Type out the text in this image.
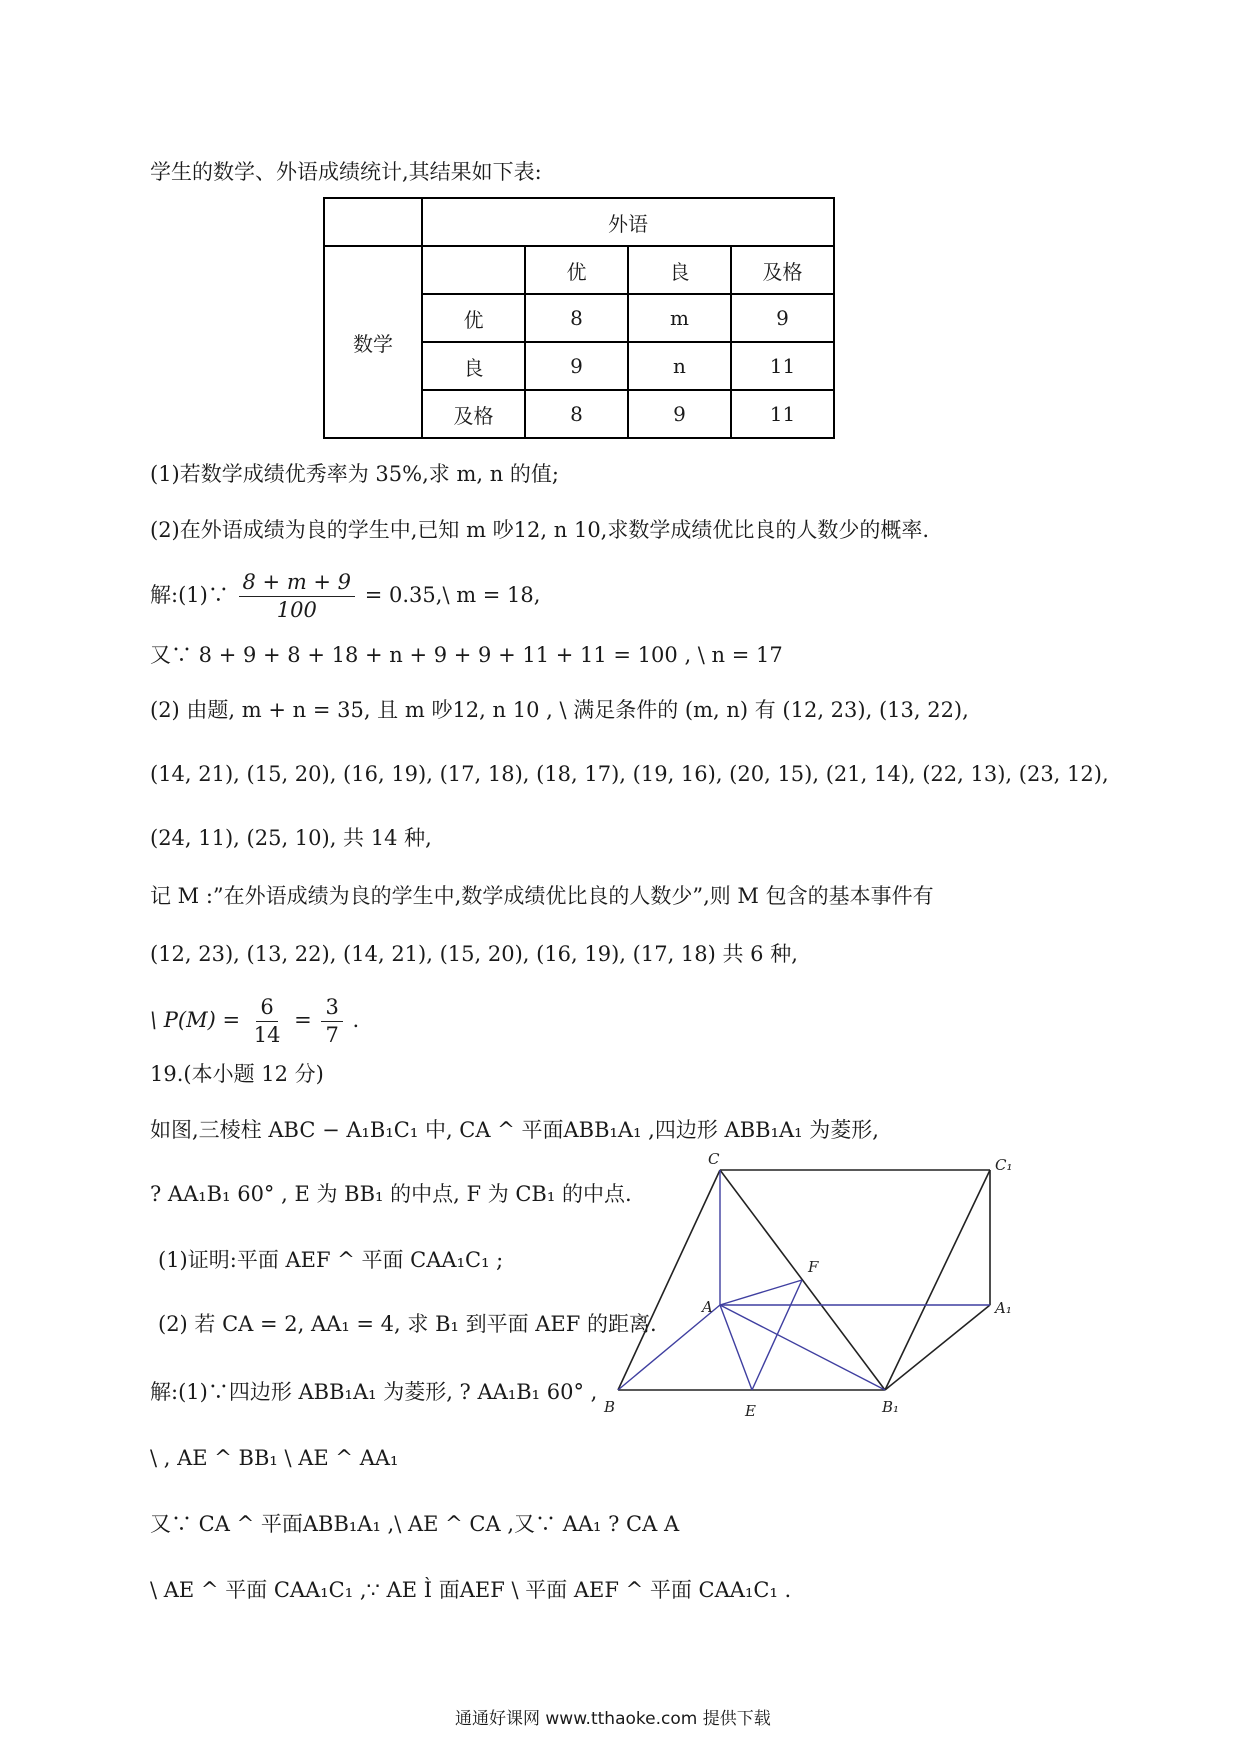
学生的数学、外语成绩统计,其结果如下表:
	外语			
数学		优	良	及格
	优	8	m	9
	良	9	n	11
	及格	8	9	11
(1)若数学成绩优秀率为 35%,求 m, n 的值;
(2)在外语成绩为良的学生中,已知 m 吵12, n 10,求数学成绩优比良的人数少的概率.
解:(1)∵ $\frac{8 + m + 9}{100}$ = 0.35,\ m = 18,
又∵ 8 + 9 + 8 + 18 + n + 9 + 9 + 11 + 11 = 100 , \ n = 17
(2) 由题, m + n = 35, 且 m 吵12, n 10 , \ 满足条件的 (m, n) 有 (12, 23), (13, 22),
(14, 21), (15, 20), (16, 19), (17, 18), (18, 17), (19, 16), (20, 15), (21, 14), (22, 13), (23, 12),
(24, 11), (25, 10), 共 14 种,
记 M :”在外语成绩为良的学生中,数学成绩优比良的人数少”,则 M 包含的基本事件有
(12, 23), (13, 22), (14, 21), (15, 20), (16, 19), (17, 18) 共 6 种,
\ $P(M) = \frac{6}{14} = \frac{3}{7}$ .
19.(本小题 12 分)
如图,三棱柱 ABC − A₁B₁C₁ 中, CA ^ 平面ABB₁A₁ ,四边形 ABB₁A₁ 为菱形,
? AA₁B₁ 60° , E 为 BB₁ 的中点, F 为 CB₁ 的中点.
(1)证明:平面 AEF ^ 平面 CAA₁C₁ ;
(2) 若 CA = 2, AA₁ = 4, 求 B₁ 到平面 AEF 的距离.
解:(1)∵四边形 ABB₁A₁ 为菱形, ? AA₁B₁ 60° ,
\ , AE ^ BB₁ \ AE ^ AA₁
又∵ CA ^ 平面ABB₁A₁ ,\ AE ^ CA ,又∵ AA₁ ? CA A
\ AE ^ 平面 CAA₁C₁ ,∵ AE Ì 面AEF \ 平面 AEF ^ 平面 CAA₁C₁ .
C	C₁
A	A₁
B	E	B₁
F
通通好课网 www.tthaoke.com 提供下载
